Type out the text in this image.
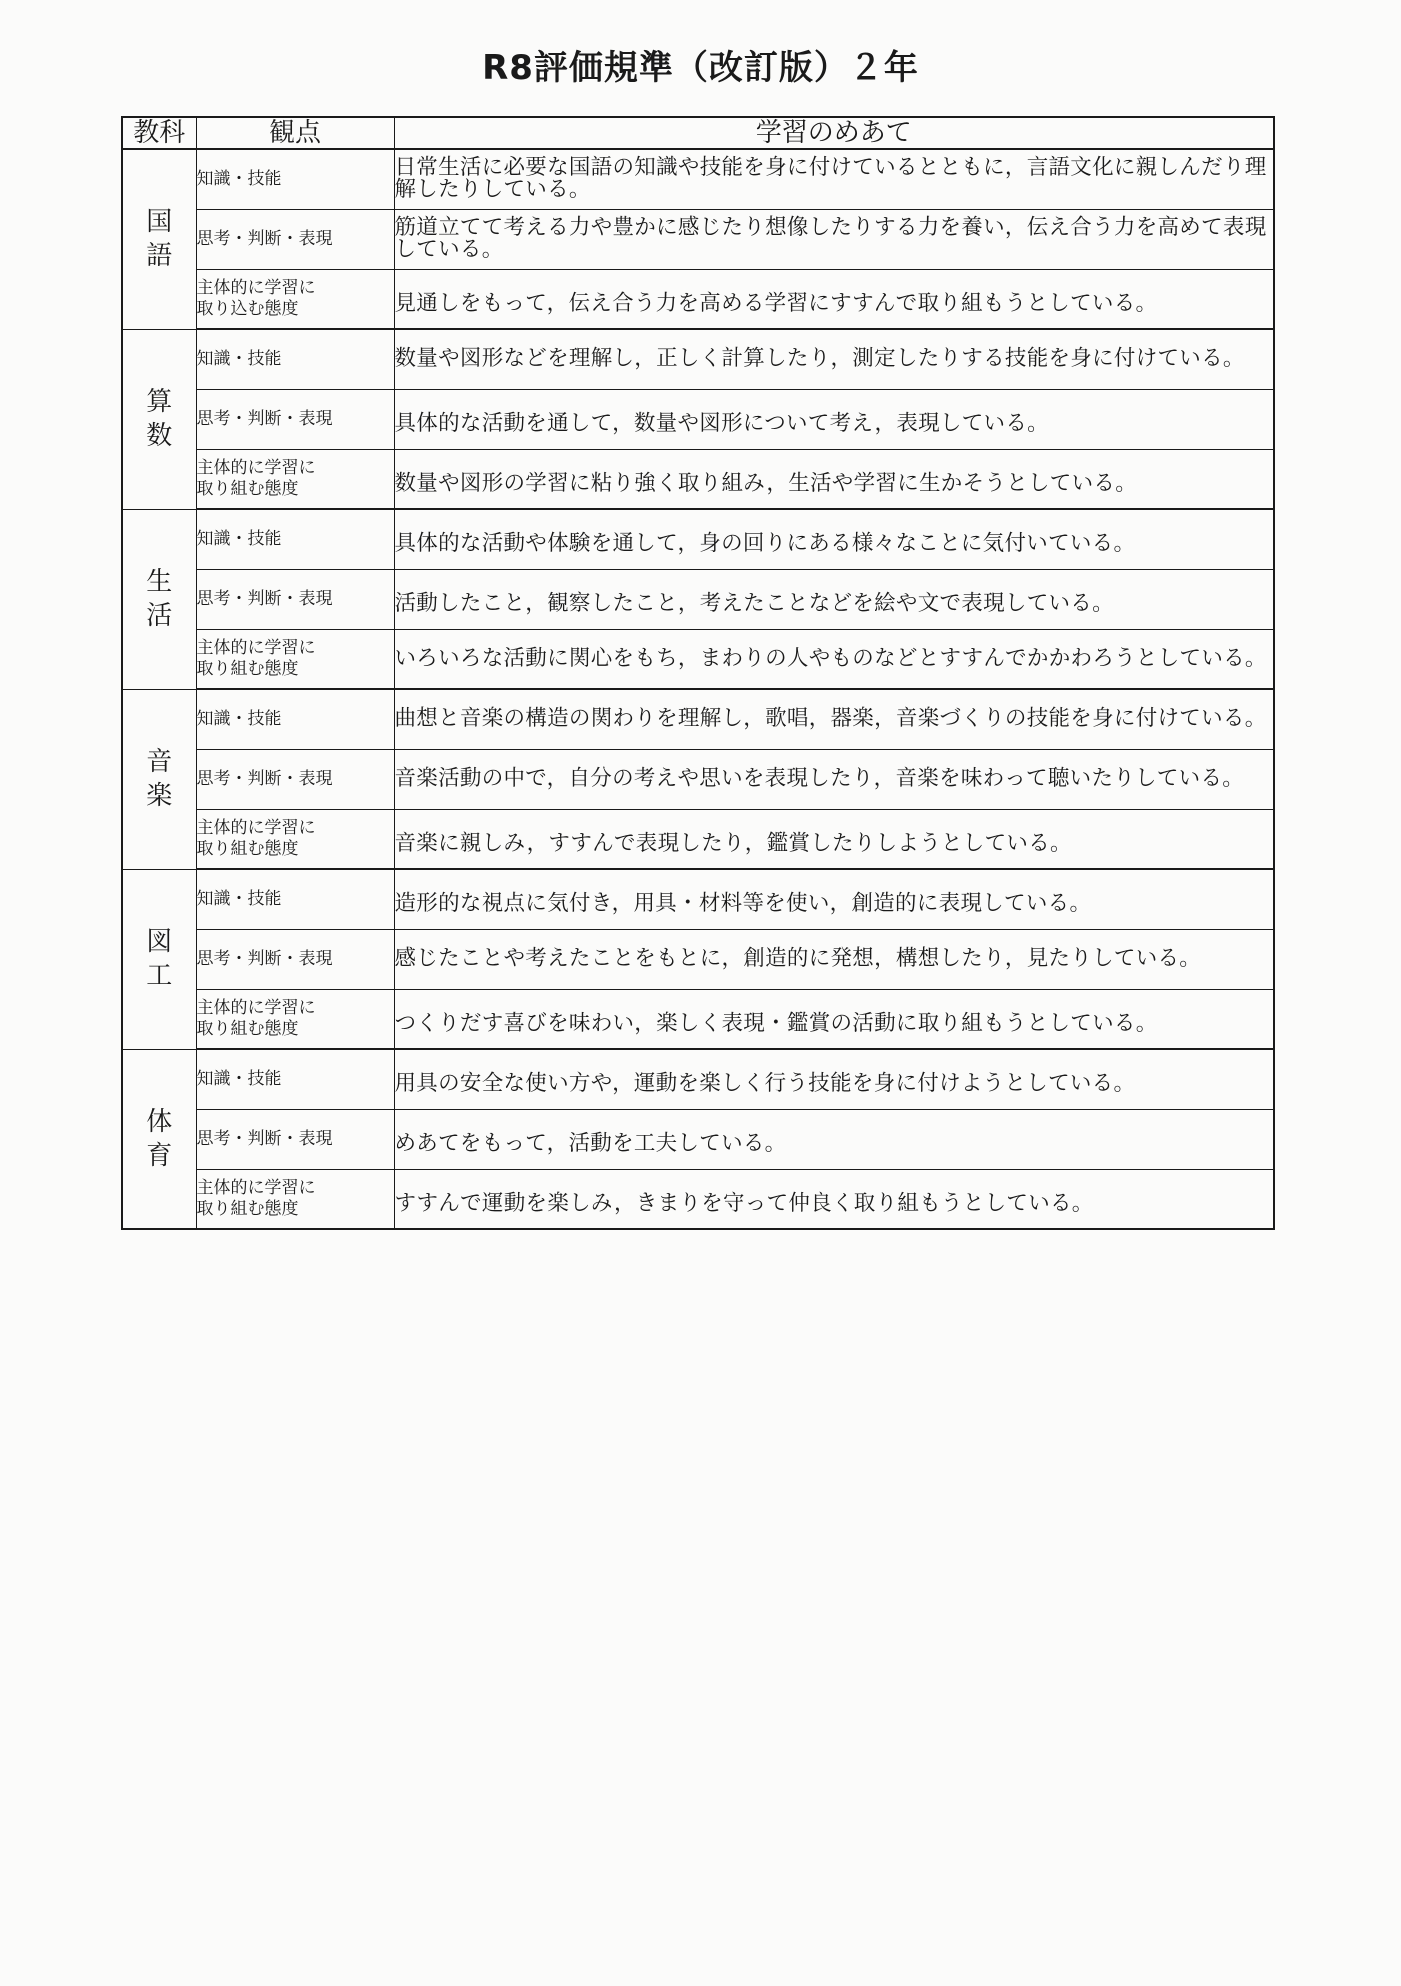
R8評価規準（改訂版）２年
教科	観点	学習のめあて

国
語	知識・技能	日常生活に必要な国語の知識や技能を身に付けているとともに，言語文化に親しんだり理解したりしている。
	思考・判断・表現	筋道立てて考える力や豊かに感じたり想像したりする力を養い，伝え合う力を高めて表現している。
	主体的に学習に
取り込む態度	見通しをもって，伝え合う力を高める学習にすすんで取り組もうとしている。

算
数	知識・技能	数量や図形などを理解し，正しく計算したり，測定したりする技能を身に付けている。
	思考・判断・表現	具体的な活動を通して，数量や図形について考え，表現している。
	主体的に学習に
取り組む態度	数量や図形の学習に粘り強く取り組み，生活や学習に生かそうとしている。

生
活	知識・技能	具体的な活動や体験を通して，身の回りにある様々なことに気付いている。
	思考・判断・表現	活動したこと，観察したこと，考えたことなどを絵や文で表現している。
	主体的に学習に
取り組む態度	いろいろな活動に関心をもち，まわりの人やものなどとすすんでかかわろうとしている。

音
楽	知識・技能	曲想と音楽の構造の関わりを理解し，歌唱，器楽，音楽づくりの技能を身に付けている。
	思考・判断・表現	音楽活動の中で，自分の考えや思いを表現したり，音楽を味わって聴いたりしている。
	主体的に学習に
取り組む態度	音楽に親しみ，すすんで表現したり，鑑賞したりしようとしている。

図
工	知識・技能	造形的な視点に気付き，用具・材料等を使い，創造的に表現している。
	思考・判断・表現	感じたことや考えたことをもとに，創造的に発想，構想したり，見たりしている。
	主体的に学習に
取り組む態度	つくりだす喜びを味わい，楽しく表現・鑑賞の活動に取り組もうとしている。

体
育	知識・技能	用具の安全な使い方や，運動を楽しく行う技能を身に付けようとしている。
	思考・判断・表現	めあてをもって，活動を工夫している。
	主体的に学習に
取り組む態度	すすんで運動を楽しみ，きまりを守って仲良く取り組もうとしている。
